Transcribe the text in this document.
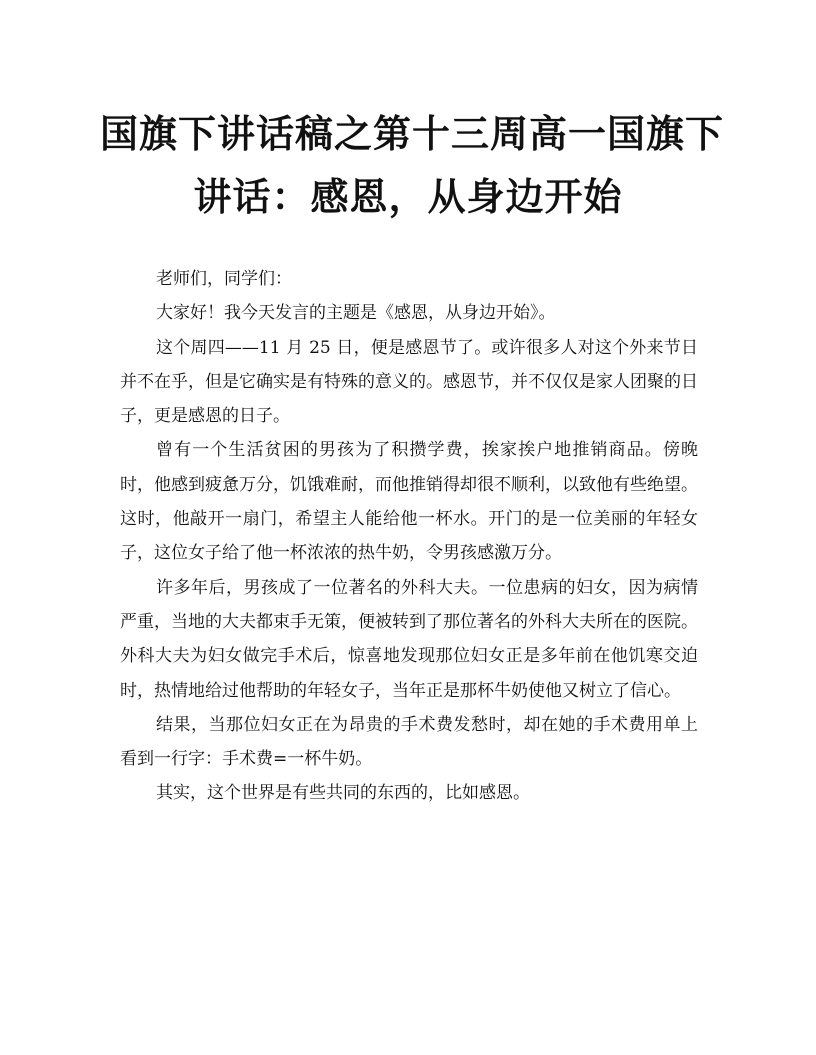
国旗下讲话稿之第十三周高一国旗下
讲话：感恩，从身边开始

老师们，同学们：

大家好！我今天发言的主题是《感恩，从身边开始》。

这个周四——11 月 25 日，便是感恩节了。或许很多人对这个外来节日并不在乎，但是它确实是有特殊的意义的。感恩节，并不仅仅是家人团聚的日子，更是感恩的日子。

曾有一个生活贫困的男孩为了积攒学费，挨家挨户地推销商品。傍晚时，他感到疲惫万分，饥饿难耐，而他推销得却很不顺利，以致他有些绝望。这时，他敲开一扇门，希望主人能给他一杯水。开门的是一位美丽的年轻女子，这位女子给了他一杯浓浓的热牛奶，令男孩感激万分。

许多年后，男孩成了一位著名的外科大夫。一位患病的妇女，因为病情严重，当地的大夫都束手无策，便被转到了那位著名的外科大夫所在的医院。外科大夫为妇女做完手术后，惊喜地发现那位妇女正是多年前在他饥寒交迫时，热情地给过他帮助的年轻女子，当年正是那杯牛奶使他又树立了信心。

结果，当那位妇女正在为昂贵的手术费发愁时，却在她的手术费用单上看到一行字：手术费=一杯牛奶。

其实，这个世界是有些共同的东西的，比如感恩。
